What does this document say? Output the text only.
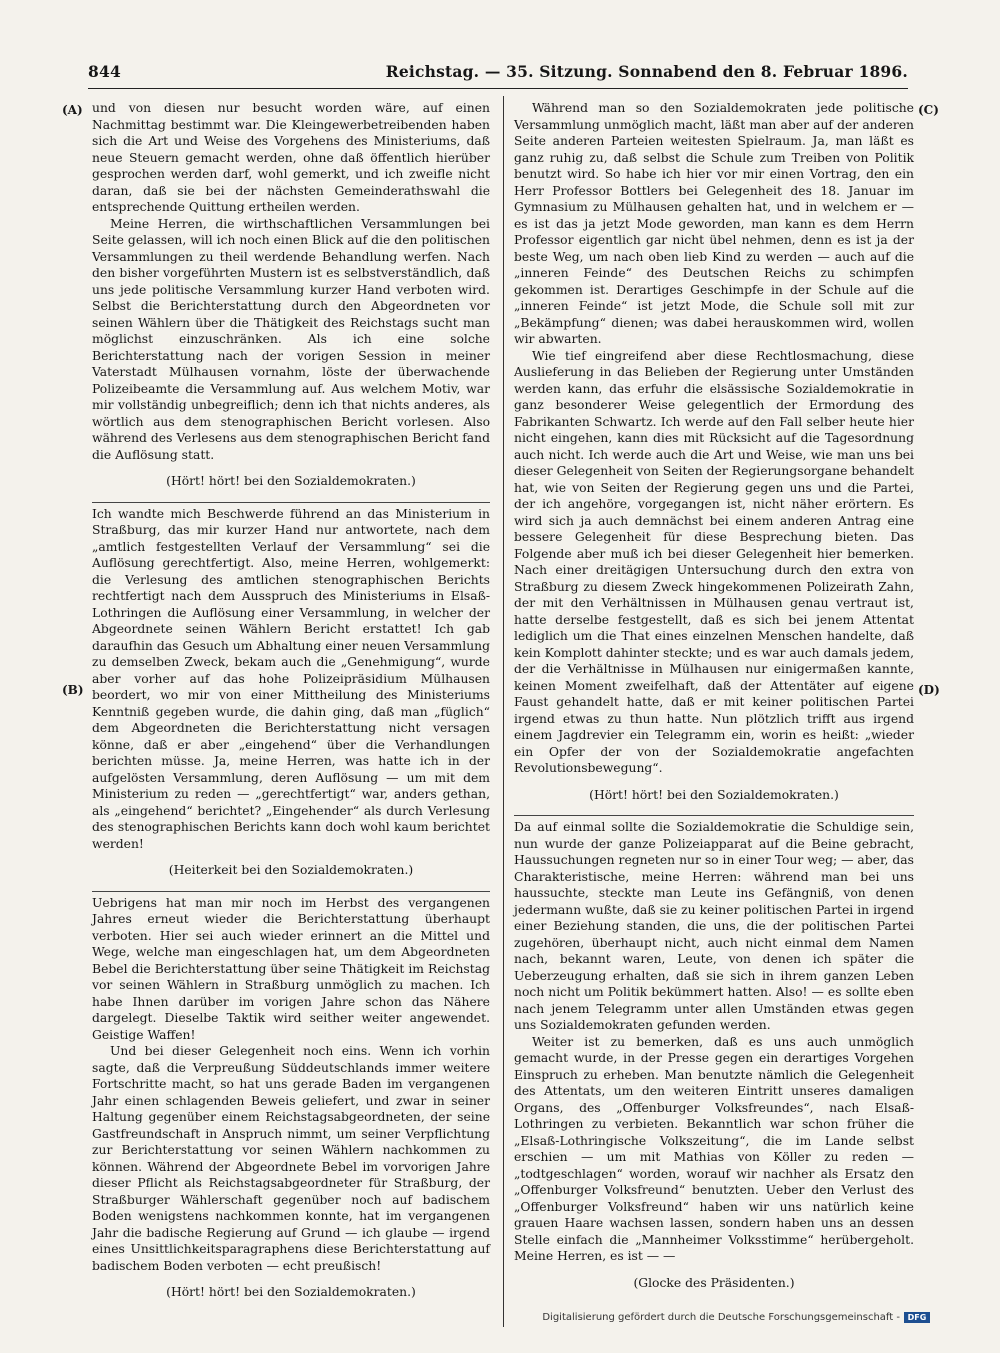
844	Reichstag. — 35. Sitzung. Sonnabend den 8. Februar 1896.
(A)
(B)
(C)
(D)

und von diesen nur besucht worden wäre, auf einen Nachmittag bestimmt war. Die Kleingewerbetreibenden haben sich die Art und Weise des Vorgehens des Ministeriums, daß neue Steuern gemacht werden, ohne daß öffentlich hierüber gesprochen werden darf, wohl gemerkt, und ich zweifle nicht daran, daß sie bei der nächsten Gemeinderathswahl die entsprechende Quittung ertheilen werden.

Meine Herren, die wirthschaftlichen Versammlungen bei Seite gelassen, will ich noch einen Blick auf die den politischen Versammlungen zu theil werdende Behandlung werfen. Nach den bisher vorgeführten Mustern ist es selbstverständlich, daß uns jede politische Versammlung kurzer Hand verboten wird. Selbst die Berichterstattung durch den Abgeordneten vor seinen Wählern über die Thätigkeit des Reichstags sucht man möglichst einzuschränken. Als ich eine solche Berichterstattung nach der vorigen Session in meiner Vaterstadt Mülhausen vornahm, löste der überwachende Polizeibeamte die Versammlung auf. Aus welchem Motiv, war mir vollständig unbegreiflich; denn ich that nichts anderes, als wörtlich aus dem stenographischen Bericht vorlesen. Also während des Verlesens aus dem stenographischen Bericht fand die Auflösung statt.

(Hört! hört! bei den Sozialdemokraten.)

Ich wandte mich Beschwerde führend an das Ministerium in Straßburg, das mir kurzer Hand nur antwortete, nach dem „amtlich festgestellten Verlauf der Versammlung“ sei die Auflösung gerechtfertigt. Also, meine Herren, wohlgemerkt: die Verlesung des amtlichen stenographischen Berichts rechtfertigt nach dem Ausspruch des Ministeriums in Elsaß-Lothringen die Auflösung einer Versammlung, in welcher der Abgeordnete seinen Wählern Bericht erstattet! Ich gab daraufhin das Gesuch um Abhaltung einer neuen Versammlung zu demselben Zweck, bekam auch die „Genehmigung“, wurde aber vorher auf das hohe Polizeipräsidium Mülhausen beordert, wo mir von einer Mittheilung des Ministeriums Kenntniß gegeben wurde, die dahin ging, daß man „füglich“ dem Abgeordneten die Berichterstattung nicht versagen könne, daß er aber „eingehend“ über die Verhandlungen berichten müsse. Ja, meine Herren, was hatte ich in der aufgelösten Versammlung, deren Auflösung — um mit dem Ministerium zu reden — „gerechtfertigt“ war, anders gethan, als „eingehend“ berichtet? „Eingehender“ als durch Verlesung des stenographischen Berichts kann doch wohl kaum berichtet werden!

(Heiterkeit bei den Sozialdemokraten.)

Uebrigens hat man mir noch im Herbst des vergangenen Jahres erneut wieder die Berichterstattung überhaupt verboten. Hier sei auch wieder erinnert an die Mittel und Wege, welche man eingeschlagen hat, um dem Abgeordneten Bebel die Berichterstattung über seine Thätigkeit im Reichstag vor seinen Wählern in Straßburg unmöglich zu machen. Ich habe Ihnen darüber im vorigen Jahre schon das Nähere dargelegt. Dieselbe Taktik wird seither weiter angewendet. Geistige Waffen!

Und bei dieser Gelegenheit noch eins. Wenn ich vorhin sagte, daß die Verpreußung Süddeutschlands immer weitere Fortschritte macht, so hat uns gerade Baden im vergangenen Jahr einen schlagenden Beweis geliefert, und zwar in seiner Haltung gegenüber einem Reichstagsabgeordneten, der seine Gastfreundschaft in Anspruch nimmt, um seiner Verpflichtung zur Berichterstattung vor seinen Wählern nachkommen zu können. Während der Abgeordnete Bebel im vorvorigen Jahre dieser Pflicht als Reichstagsabgeordneter für Straßburg, der Straßburger Wählerschaft gegenüber noch auf badischem Boden wenigstens nachkommen konnte, hat im vergangenen Jahr die badische Regierung auf Grund — ich glaube — irgend eines Unsittlichkeitsparagraphens diese Berichterstattung auf badischem Boden verboten — echt preußisch!

(Hört! hört! bei den Sozialdemokraten.)

Während man so den Sozialdemokraten jede politische Versammlung unmöglich macht, läßt man aber auf der anderen Seite anderen Parteien weitesten Spielraum. Ja, man läßt es ganz ruhig zu, daß selbst die Schule zum Treiben von Politik benutzt wird. So habe ich hier vor mir einen Vortrag, den ein Herr Professor Bottlers bei Gelegenheit des 18. Januar im Gymnasium zu Mülhausen gehalten hat, und in welchem er — es ist das ja jetzt Mode geworden, man kann es dem Herrn Professor eigentlich gar nicht übel nehmen, denn es ist ja der beste Weg, um nach oben lieb Kind zu werden — auch auf die „inneren Feinde“ des Deutschen Reichs zu schimpfen gekommen ist. Derartiges Geschimpfe in der Schule auf die „inneren Feinde“ ist jetzt Mode, die Schule soll mit zur „Bekämpfung“ dienen; was dabei herauskommen wird, wollen wir abwarten.

Wie tief eingreifend aber diese Rechtlosmachung, diese Auslieferung in das Belieben der Regierung unter Umständen werden kann, das erfuhr die elsässische Sozialdemokratie in ganz besonderer Weise gelegentlich der Ermordung des Fabrikanten Schwartz. Ich werde auf den Fall selber heute hier nicht eingehen, kann dies mit Rücksicht auf die Tagesordnung auch nicht. Ich werde auch die Art und Weise, wie man uns bei dieser Gelegenheit von Seiten der Regierungsorgane behandelt hat, wie von Seiten der Regierung gegen uns und die Partei, der ich angehöre, vorgegangen ist, nicht näher erörtern. Es wird sich ja auch demnächst bei einem anderen Antrag eine bessere Gelegenheit für diese Besprechung bieten. Das Folgende aber muß ich bei dieser Gelegenheit hier bemerken. Nach einer dreitägigen Untersuchung durch den extra von Straßburg zu diesem Zweck hingekommenen Polizeirath Zahn, der mit den Verhältnissen in Mülhausen genau vertraut ist, hatte derselbe festgestellt, daß es sich bei jenem Attentat lediglich um die That eines einzelnen Menschen handelte, daß kein Komplott dahinter steckte; und es war auch damals jedem, der die Verhältnisse in Mülhausen nur einigermaßen kannte, keinen Moment zweifelhaft, daß der Attentäter auf eigene Faust gehandelt hatte, daß er mit keiner politischen Partei irgend etwas zu thun hatte. Nun plötzlich trifft aus irgend einem Jagdrevier ein Telegramm ein, worin es heißt: „wieder ein Opfer der von der Sozialdemokratie angefachten Revolutionsbewegung“.

(Hört! hört! bei den Sozialdemokraten.)

Da auf einmal sollte die Sozialdemokratie die Schuldige sein, nun wurde der ganze Polizeiapparat auf die Beine gebracht, Haussuchungen regneten nur so in einer Tour weg; — aber, das Charakteristische, meine Herren: während man bei uns haussuchte, steckte man Leute ins Gefängniß, von denen jedermann wußte, daß sie zu keiner politischen Partei in irgend einer Beziehung standen, die uns, die der politischen Partei zugehören, überhaupt nicht, auch nicht einmal dem Namen nach, bekannt waren, Leute, von denen ich später die Ueberzeugung erhalten, daß sie sich in ihrem ganzen Leben noch nicht um Politik bekümmert hatten. Also! — es sollte eben nach jenem Telegramm unter allen Umständen etwas gegen uns Sozialdemokraten gefunden werden.

Weiter ist zu bemerken, daß es uns auch unmöglich gemacht wurde, in der Presse gegen ein derartiges Vorgehen Einspruch zu erheben. Man benutzte nämlich die Gelegenheit des Attentats, um den weiteren Eintritt unseres damaligen Organs, des „Offenburger Volksfreundes“, nach Elsaß-Lothringen zu verbieten. Bekanntlich war schon früher die „Elsaß-Lothringische Volkszeitung“, die im Lande selbst erschien — um mit Mathias von Köller zu reden — „todtgeschlagen“ worden, worauf wir nachher als Ersatz den „Offenburger Volksfreund“ benutzten. Ueber den Verlust des „Offenburger Volksfreund“ haben wir uns natürlich keine grauen Haare wachsen lassen, sondern haben uns an dessen Stelle einfach die „Mannheimer Volksstimme“ herübergeholt. Meine Herren, es ist — —

(Glocke des Präsidenten.)

Digitalisierung gefördert durch die Deutsche Forschungsgemeinschaft - DFG
